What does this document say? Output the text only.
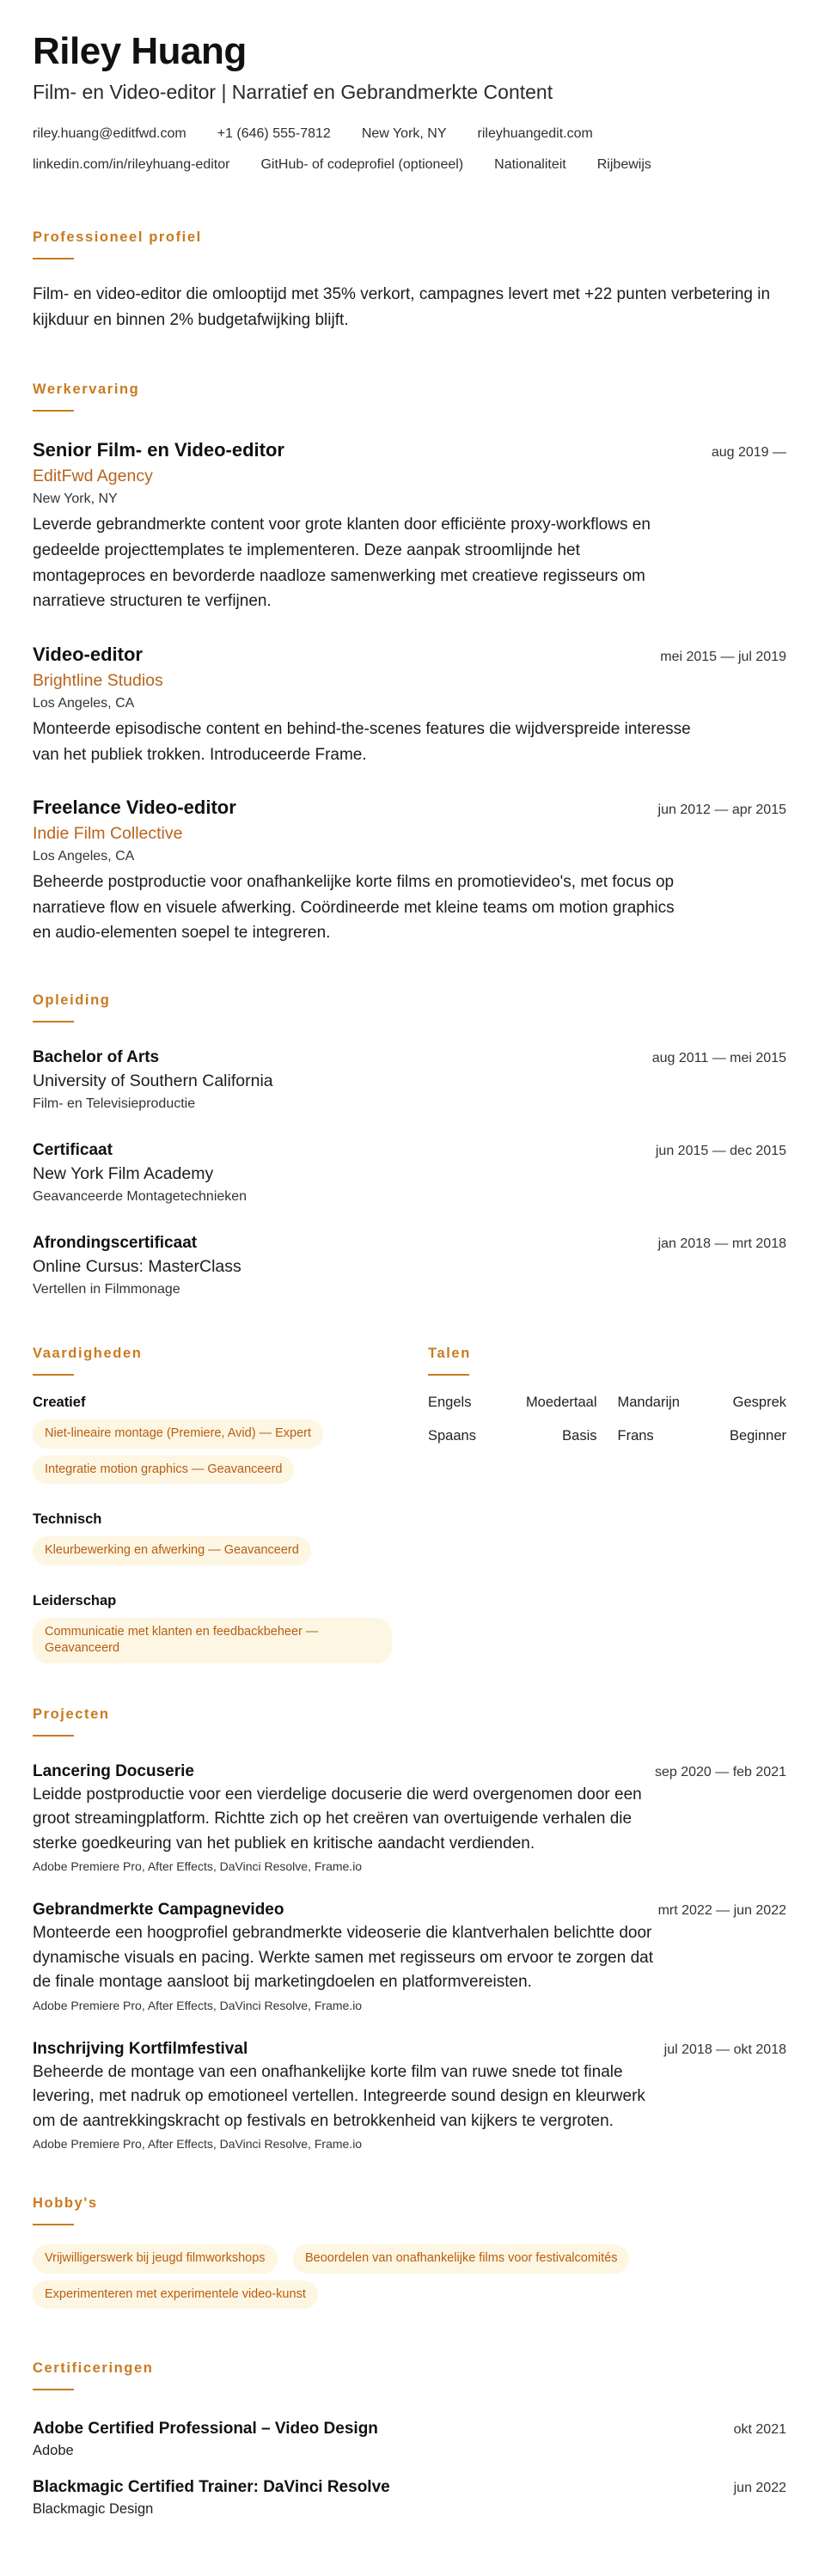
Riley Huang
Film- en Video-editor | Narratief en Gebrandmerkte Content
riley.huang@editfwd.com +1 (646) 555-7812 New York, NY rileyhuangedit.com
linkedin.com/in/rileyhuang-editor GitHub- of codeprofiel (optioneel) Nationaliteit Rijbewijs
Professioneel profiel
Film- en video-editor die omlooptijd met 35% verkort, campagnes levert met +22 punten verbetering in kijkduur en binnen 2% budgetafwijking blijft.
Werkervaring
Senior Film- en Video-editor	aug 2019 —
EditFwd Agency
New York, NY
Leverde gebrandmerkte content voor grote klanten door efficiënte proxy-workflows en gedeelde projecttemplates te implementeren. Deze aanpak stroomlijnde het montageproces en bevorderde naadloze samenwerking met creatieve regisseurs om narratieve structuren te verfijnen.
Video-editor	mei 2015 — jul 2019
Brightline Studios
Los Angeles, CA
Monteerde episodische content en behind-the-scenes features die wijdverspreide interesse van het publiek trokken. Introduceerde Frame.
Freelance Video-editor	jun 2012 — apr 2015
Indie Film Collective
Los Angeles, CA
Beheerde postproductie voor onafhankelijke korte films en promotievideo's, met focus op narratieve flow en visuele afwerking. Coördineerde met kleine teams om motion graphics en audio-elementen soepel te integreren.
Opleiding
Bachelor of Arts	aug 2011 — mei 2015
University of Southern California
Film- en Televisieproductie
Certificaat	jun 2015 — dec 2015
New York Film Academy
Geavanceerde Montagetechnieken
Afrondingscertificaat	jan 2018 — mrt 2018
Online Cursus: MasterClass
Vertellen in Filmmonage
Vaardigheden
Creatief
Niet-lineaire montage (Premiere, Avid) — Expert
Integratie motion graphics — Geavanceerd
Technisch
Kleurbewerking en afwerking — Geavanceerd
Leiderschap
Communicatie met klanten en feedbackbeheer — Geavanceerd
Talen
Engels	Moedertaal Mandarijn	Gesprek
Spaans	Basis Frans	Beginner
Projecten
Lancering Docuserie	sep 2020 — feb 2021
Leidde postproductie voor een vierdelige docuserie die werd overgenomen door een groot streamingplatform. Richtte zich op het creëren van overtuigende verhalen die sterke goedkeuring van het publiek en kritische aandacht verdienden.
Adobe Premiere Pro, After Effects, DaVinci Resolve, Frame.io
Gebrandmerkte Campagnevideo	mrt 2022 — jun 2022
Monteerde een hoogprofiel gebrandmerkte videoserie die klantverhalen belichtte door dynamische visuals en pacing. Werkte samen met regisseurs om ervoor te zorgen dat de finale montage aansloot bij marketingdoelen en platformvereisten.
Adobe Premiere Pro, After Effects, DaVinci Resolve, Frame.io
Inschrijving Kortfilmfestival	jul 2018 — okt 2018
Beheerde de montage van een onafhankelijke korte film van ruwe snede tot finale levering, met nadruk op emotioneel vertellen. Integreerde sound design en kleurwerk om de aantrekkingskracht op festivals en betrokkenheid van kijkers te vergroten.
Adobe Premiere Pro, After Effects, DaVinci Resolve, Frame.io
Hobby's
Vrijwilligerswerk bij jeugd filmworkshops	Beoordelen van onafhankelijke films voor festivalcomités
Experimenteren met experimentele video-kunst
Certificeringen
Adobe Certified Professional – Video Design	okt 2021
Adobe
Blackmagic Certified Trainer: DaVinci Resolve	jun 2022
Blackmagic Design
